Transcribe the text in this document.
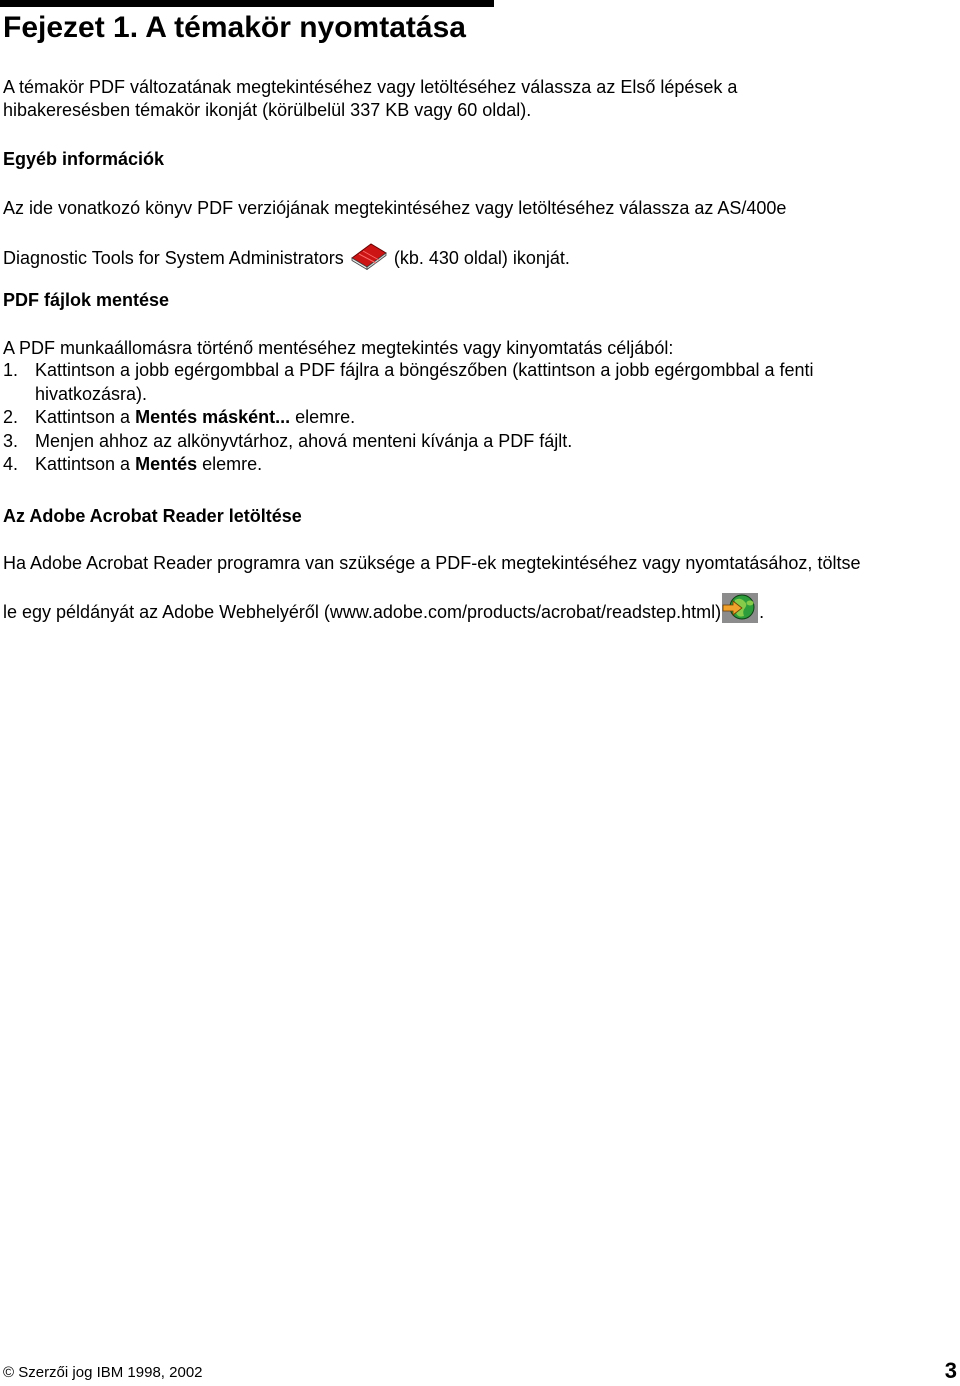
Fejezet 1. A témakör nyomtatása

A témakör PDF változatának megtekintéséhez vagy letöltéséhez válassza az Első lépések a

hibakeresésben témakör ikonját (körülbelül 337 KB vagy 60 oldal).

Egyéb információk

Az ide vonatkozó könyv PDF verziójának megtekintéséhez vagy letöltéséhez válassza az AS/400e

Diagnostic Tools for System Administrators	(kb. 430 oldal) ikonját.

PDF fájlok mentése

A PDF munkaállomásra történő mentéséhez megtekintés vagy kinyomtatás céljából:

1. Kattintson a jobb egérgombbal a PDF fájlra a böngészőben (kattintson a jobb egérgombbal a fenti
hivatkozásra).
2. Kattintson a Mentés másként... elemre.
3. Menjen ahhoz az alkönyvtárhoz, ahová menteni kívánja a PDF fájlt.
4. Kattintson a Mentés elemre.
Az Adobe Acrobat Reader letöltése

Ha Adobe Acrobat Reader programra van szüksége a PDF-ek megtekintéséhez vagy nyomtatásához, töltse

le egy példányát az Adobe Webhelyéről (www.adobe.com/products/acrobat/readstep.html) .

© Szerzői jog IBM 1998, 2002	3
